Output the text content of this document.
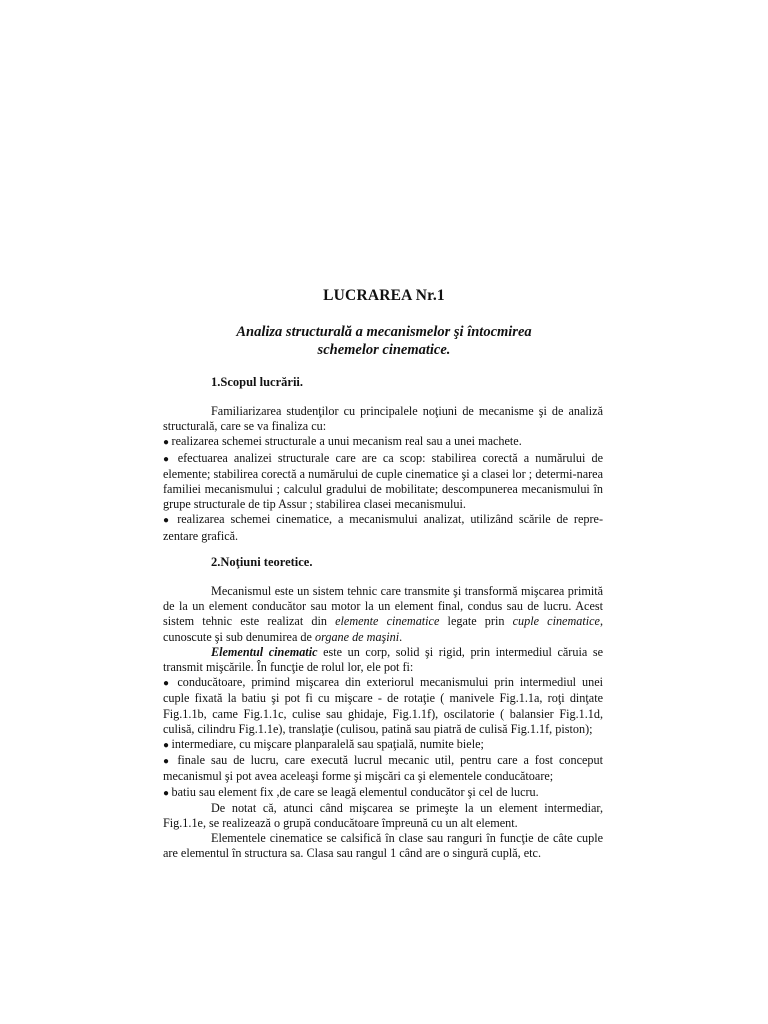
LUCRAREA Nr.1
Analiza structurală a mecanismelor şi întocmirea
schemelor cinematice.
1.Scopul lucrării.

Familiarizarea studenţilor cu principalele noţiuni de mecanisme şi de analiză structurală, care se va finaliza cu:

● realizarea schemei structurale a unui mecanism real sau a unei machete.

● efectuarea analizei structurale care are ca scop: stabilirea corectă a numărului de elemente; stabilirea corectă a numărului de cuple cinematice şi a clasei lor ; determi-narea familiei mecanismului ; calculul gradului de mobilitate; descompunerea mecanismului în grupe structurale de tip Assur ; stabilirea clasei mecanismului.

● realizarea schemei cinematice, a mecanismului analizat, utilizând scările de repre-zentare grafică.

2.Noţiuni teoretice.

Mecanismul este un sistem tehnic care transmite şi transformă mişcarea primită de la un element conducător sau motor la un element final, condus sau de lucru. Acest sistem tehnic este realizat din elemente cinematice legate prin cuple cinematice, cunoscute şi sub denumirea de organe de maşini.

Elementul cinematic este un corp, solid şi rigid, prin intermediul căruia se transmit mişcările. În funcţie de rolul lor, ele pot fi:

● conducătoare, primind mişcarea din exteriorul mecanismului prin intermediul unei cuple fixată la batiu şi pot fi cu mişcare - de rotaţie ( manivele Fig.1.1a, roţi dinţate Fig.1.1b, came Fig.1.1c, culise sau ghidaje, Fig.1.1f), oscilatorie ( balansier Fig.1.1d, culisă, cilindru Fig.1.1e), translaţie (culisou, patină sau piatră de culisă Fig.1.1f, piston);

● intermediare, cu mişcare planparalelă sau spaţială, numite biele;

● finale sau de lucru, care execută lucrul mecanic util, pentru care a fost conceput mecanismul şi pot avea aceleaşi forme şi mişcări ca şi elementele conducătoare;

● batiu sau element fix ,de care se leagă elementul conducător şi cel de lucru.

De notat că, atunci când mişcarea se primeşte la un element intermediar, Fig.1.1e, se realizează o grupă conducătoare împreună cu un alt element.

Elementele cinematice se calsifică în clase sau ranguri în funcţie de câte cuple are elementul în structura sa. Clasa sau rangul 1 când are o singură cuplă, etc.
